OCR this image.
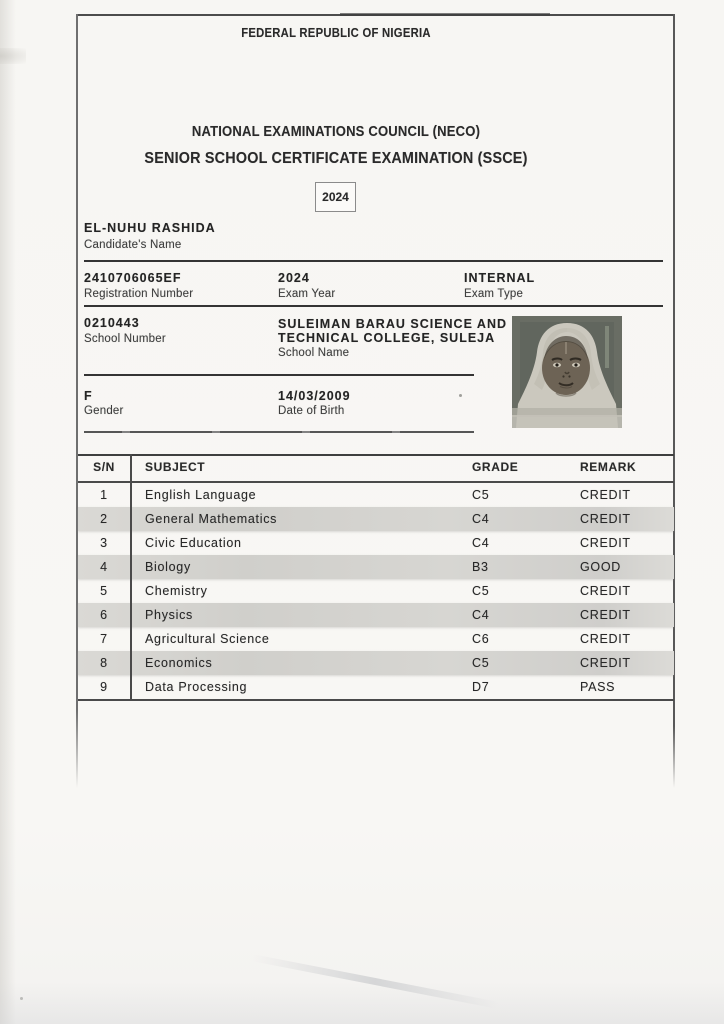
FEDERAL REPUBLIC OF NIGERIA
NATIONAL EXAMINATIONS COUNCIL (NECO)
SENIOR SCHOOL CERTIFICATE EXAMINATION (SSCE)
2024
EL-NUHU RASHIDA
Candidate's Name
2410706065EF
Registration Number
2024
Exam Year
INTERNAL
Exam Type
0210443
School Number
SULEIMAN BARAU SCIENCE AND
TECHNICAL COLLEGE, SULEJA
School Name
F
Gender
14/03/2009
Date of Birth
S/N	SUBJECT	GRADE	REMARK
1	English Language	C5	CREDIT
2	General Mathematics	C4	CREDIT
3	Civic Education	C4	CREDIT
4	Biology	B3	GOOD
5	Chemistry	C5	CREDIT
6	Physics	C4	CREDIT
7	Agricultural Science	C6	CREDIT
8	Economics	C5	CREDIT
9	Data Processing	D7	PASS
